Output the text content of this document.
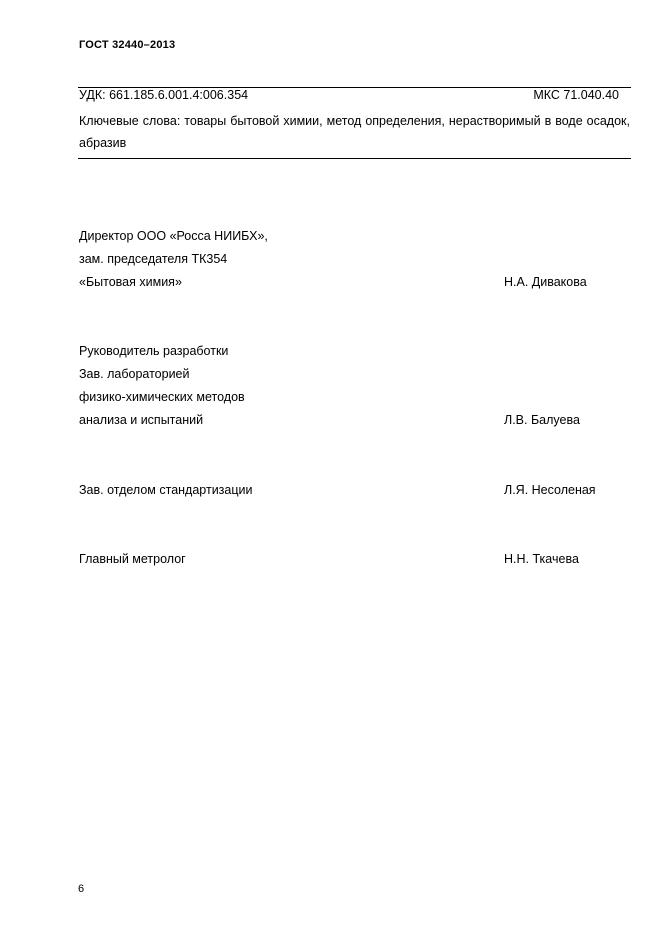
ГОСТ 32440–2013
УДК: 661.185.6.001.4:006.354	МКС 71.040.40
Ключевые слова: товары бытовой химии, метод определения, нерастворимый в воде осадок, абразив
Директор ООО «Росса НИИБХ»,
зам. председателя ТК354
«Бытовая химия»	Н.А. Дивакова
Руководитель разработки
Зав. лабораторией
физико-химических методов
анализа и испытаний	Л.В. Балуева
Зав. отделом стандартизации	Л.Я. Несоленая
Главный метролог	Н.Н. Ткачева
6
